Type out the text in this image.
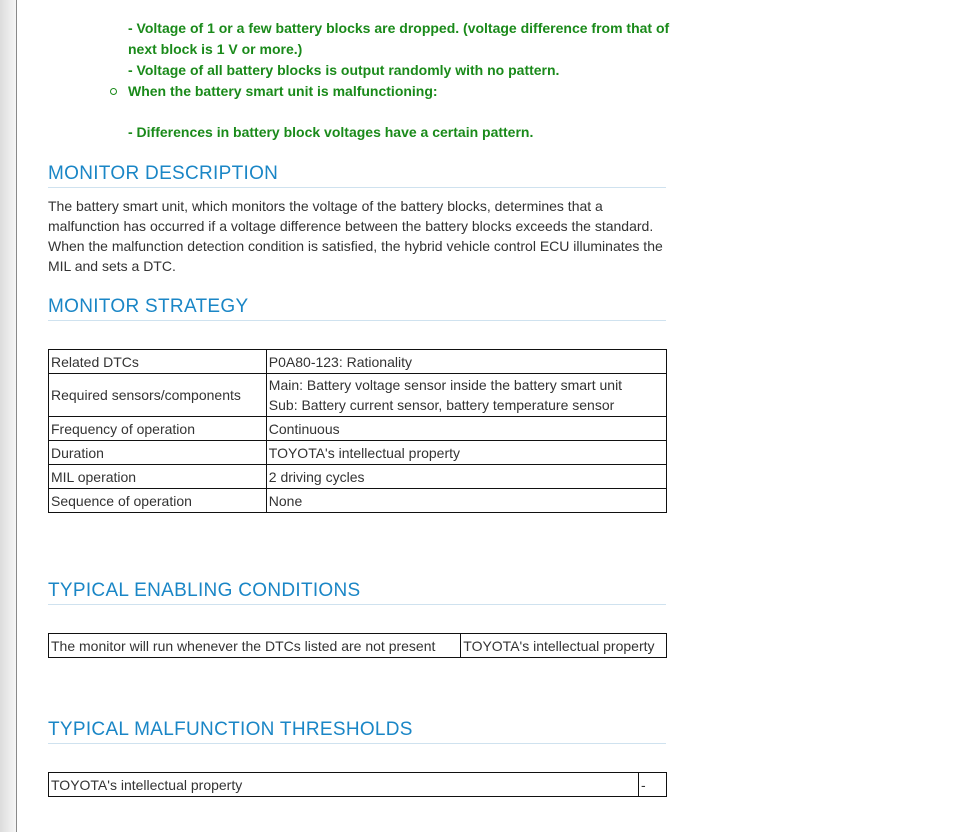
- Voltage of 1 or a few battery blocks are dropped. (voltage difference from that of
next block is 1 V or more.)
- Voltage of all battery blocks is output randomly with no pattern.
When the battery smart unit is malfunctioning:
- Differences in battery block voltages have a certain pattern.
MONITOR DESCRIPTION

The battery smart unit, which monitors the voltage of the battery blocks, determines that a malfunction has occurred if a voltage difference between the battery blocks exceeds the standard. When the malfunction detection condition is satisfied, the hybrid vehicle control ECU illuminates the MIL and sets a DTC.

MONITOR STRATEGY
Related DTCs	P0A80-123: Rationality
Required sensors/components	Main: Battery voltage sensor inside the battery smart unit
Sub: Battery current sensor, battery temperature sensor

Frequency of operation	Continuous
Duration	TOYOTA's intellectual property
MIL operation	2 driving cycles
Sequence of operation	None
TYPICAL ENABLING CONDITIONS
The monitor will run whenever the DTCs listed are not present	TOYOTA's intellectual property
TYPICAL MALFUNCTION THRESHOLDS
TOYOTA's intellectual property	-
